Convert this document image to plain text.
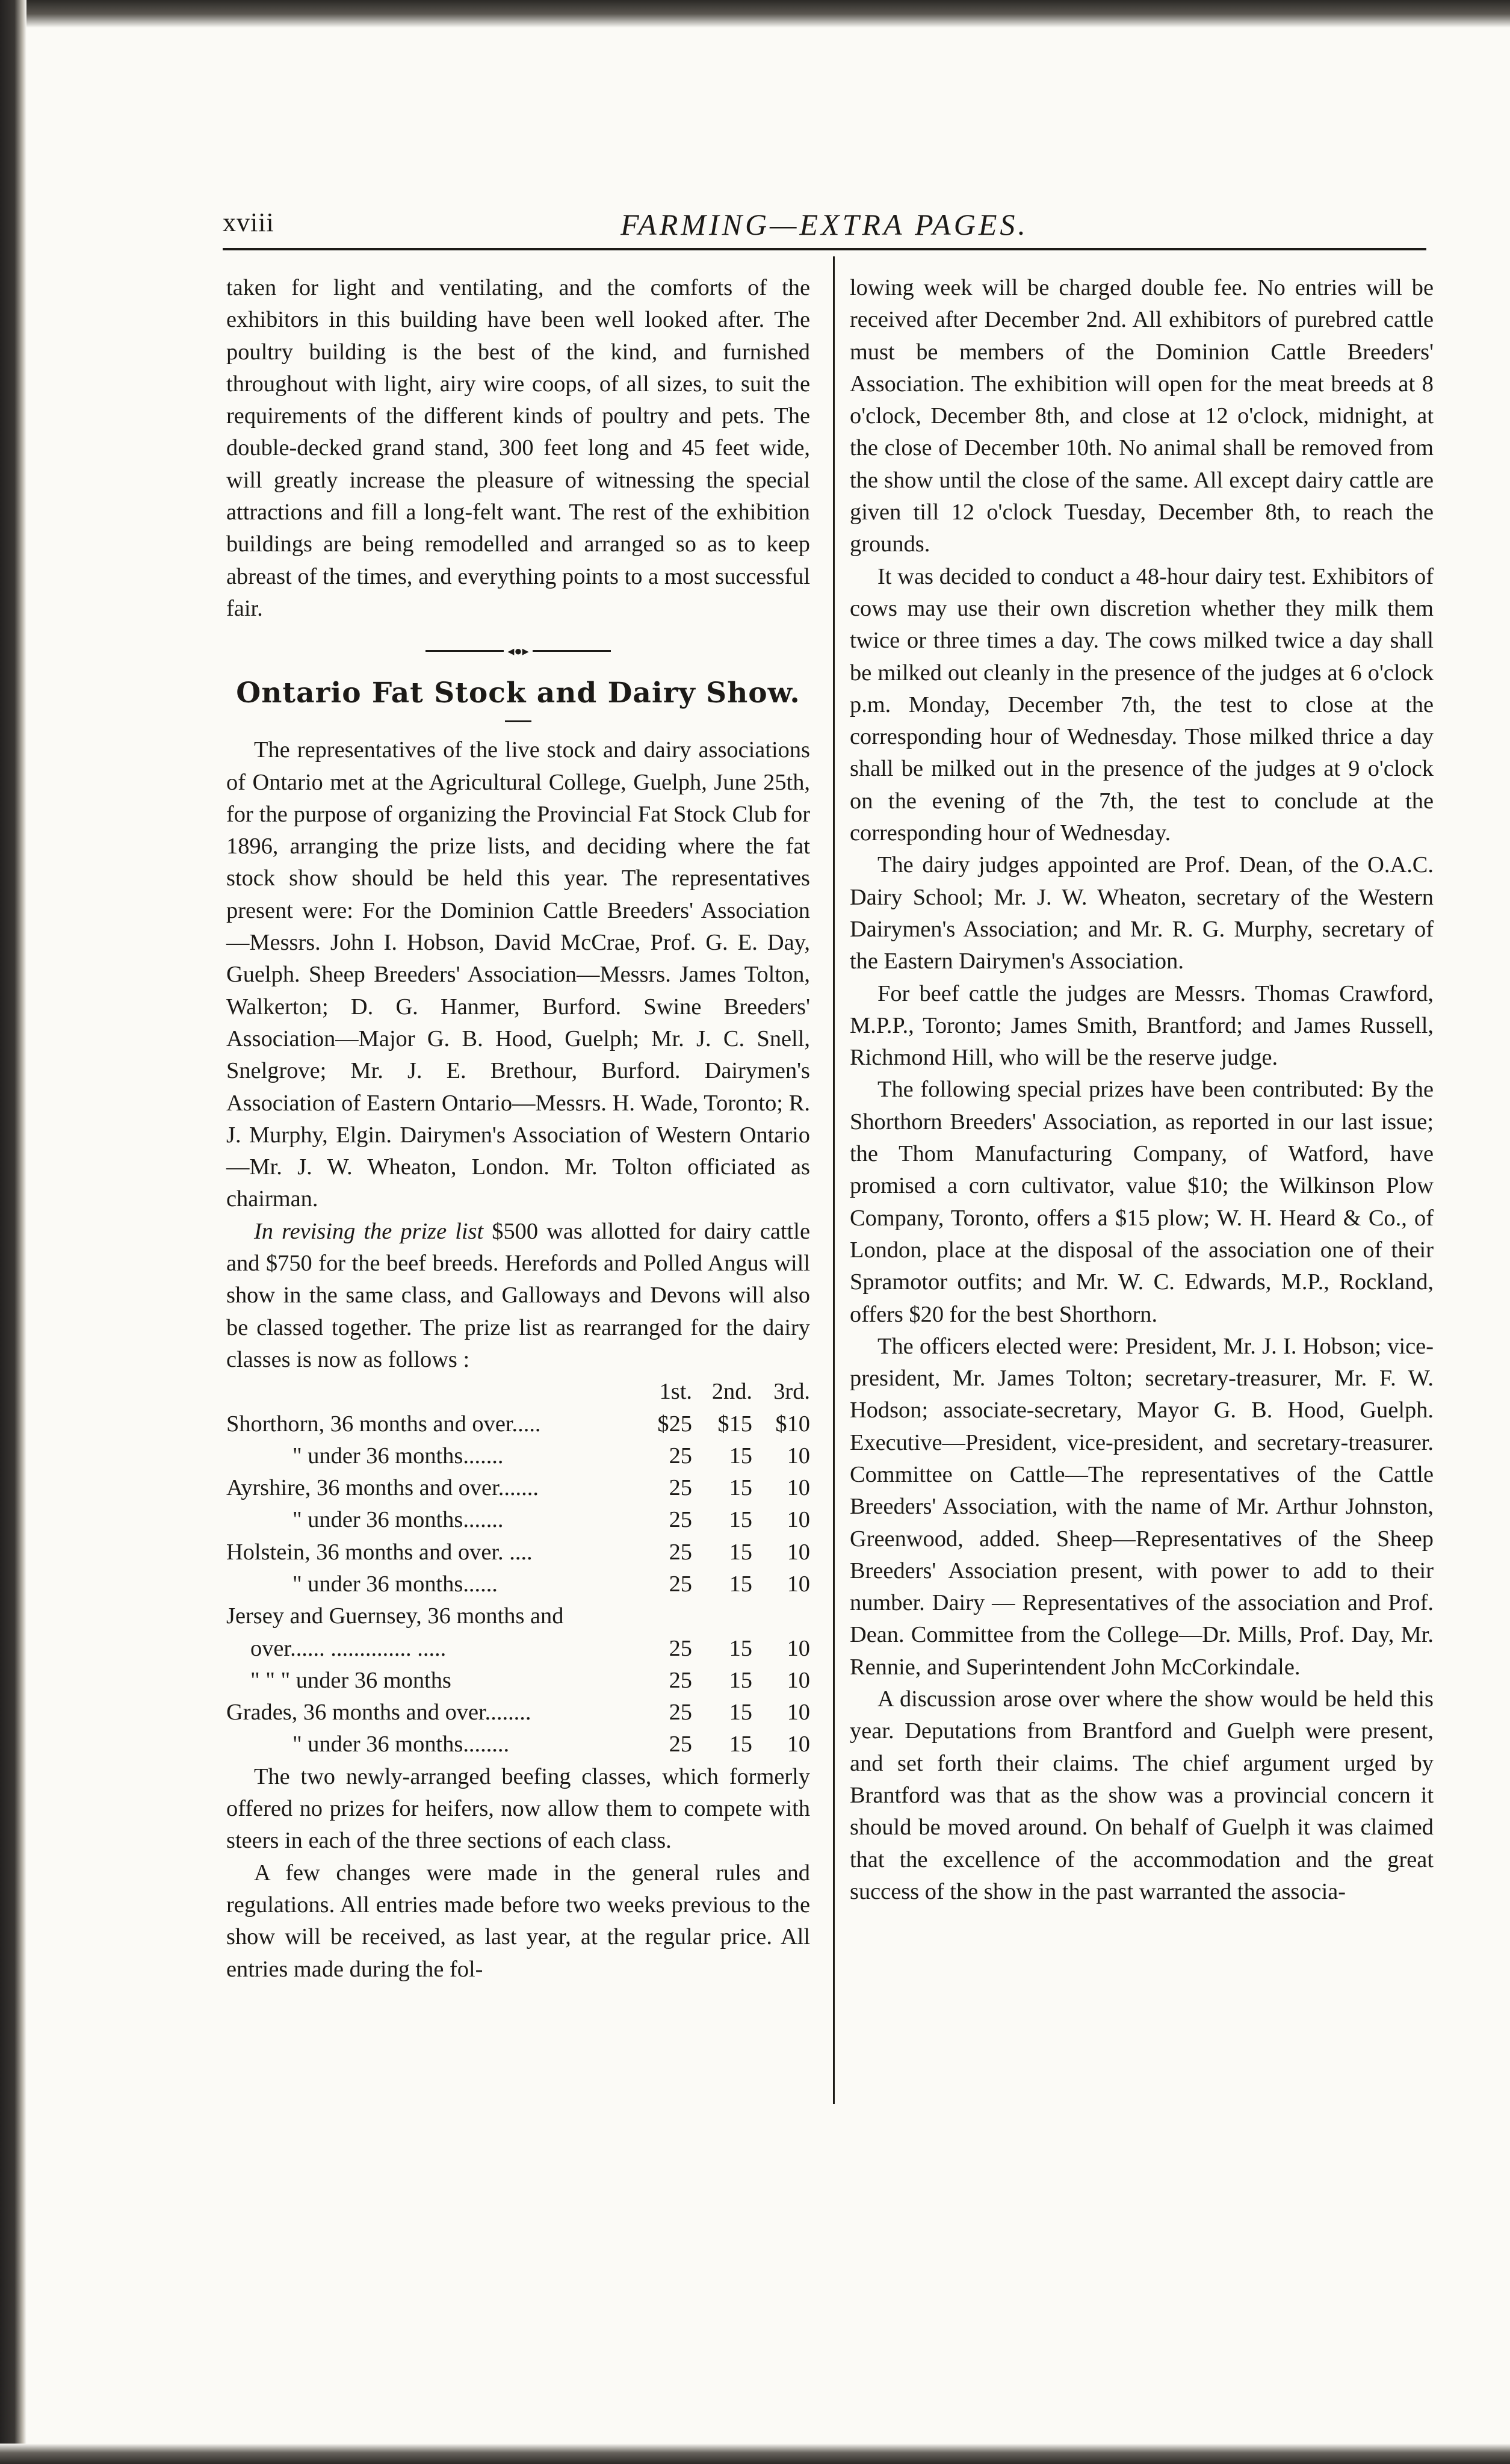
xviii	FARMING—EXTRA PAGES.

taken for light and ventilating, and the comforts of the exhibitors in this building have been well looked after. The poultry building is the best of the kind, and furnished throughout with light, airy wire coops, of all sizes, to suit the requirements of the different kinds of poultry and pets. The double-decked grand stand, 300 feet long and 45 feet wide, will greatly increase the pleasure of witnessing the special attractions and fill a long-felt want. The rest of the exhibition buildings are being remodelled and arranged so as to keep abreast of the times, and everything points to a most successful fair.

◂●▸
Ontario Fat Stock and Dairy Show.

The representatives of the live stock and dairy associations of Ontario met at the Agricultural College, Guelph, June 25th, for the purpose of organizing the Provincial Fat Stock Club for 1896, arranging the prize lists, and deciding where the fat stock show should be held this year. The representatives present were: For the Dominion Cattle Breeders' Association—Messrs. John I. Hobson, David McCrae, Prof. G. E. Day, Guelph. Sheep Breeders' Association—Messrs. James Tolton, Walkerton; D. G. Hanmer, Burford. Swine Breeders' Association—Major G. B. Hood, Guelph; Mr. J. C. Snell, Snelgrove; Mr. J. E. Brethour, Burford. Dairymen's Association of Eastern Ontario—Messrs. H. Wade, Toronto; R. J. Murphy, Elgin. Dairymen's Association of Western Ontario—Mr. J. W. Wheaton, London. Mr. Tolton officiated as chairman.

In revising the prize list $500 was allotted for dairy cattle and $750 for the beef breeds. Herefords and Polled Angus will show in the same class, and Galloways and Devons will also be classed together. The prize list as rearranged for the dairy classes is now as follows :

	1st.	2nd.	3rd.
Shorthorn, 36 months and over.....	$25	$15	$10
" under 36 months.......	25	15	10
Ayrshire, 36 months and over.......	25	15	10
" under 36 months.......	25	15	10
Holstein, 36 months and over. ....	25	15	10
" under 36 months......	25	15	10
Jersey and Guernsey, 36 months and			
over...... .............. .....	25	15	10
" " " under 36 months	25	15	10
Grades, 36 months and over........	25	15	10
" under 36 months........	25	15	10

The two newly-arranged beefing classes, which formerly offered no prizes for heifers, now allow them to compete with steers in each of the three sections of each class.

A few changes were made in the general rules and regulations. All entries made before two weeks previous to the show will be received, as last year, at the regular price. All entries made during the fol-

lowing week will be charged double fee. No entries will be received after December 2nd. All exhibitors of purebred cattle must be members of the Dominion Cattle Breeders' Association. The exhibition will open for the meat breeds at 8 o'clock, December 8th, and close at 12 o'clock, midnight, at the close of December 10th. No animal shall be removed from the show until the close of the same. All except dairy cattle are given till 12 o'clock Tuesday, December 8th, to reach the grounds.

It was decided to conduct a 48-hour dairy test. Exhibitors of cows may use their own discretion whether they milk them twice or three times a day. The cows milked twice a day shall be milked out cleanly in the presence of the judges at 6 o'clock p.m. Monday, December 7th, the test to close at the corresponding hour of Wednesday. Those milked thrice a day shall be milked out in the presence of the judges at 9 o'clock on the evening of the 7th, the test to conclude at the corresponding hour of Wednesday.

The dairy judges appointed are Prof. Dean, of the O.A.C. Dairy School; Mr. J. W. Wheaton, secretary of the Western Dairymen's Association; and Mr. R. G. Murphy, secretary of the Eastern Dairymen's Association.

For beef cattle the judges are Messrs. Thomas Crawford, M.P.P., Toronto; James Smith, Brantford; and James Russell, Richmond Hill, who will be the reserve judge.

The following special prizes have been contributed: By the Shorthorn Breeders' Association, as reported in our last issue; the Thom Manufacturing Company, of Watford, have promised a corn cultivator, value $10; the Wilkinson Plow Company, Toronto, offers a $15 plow; W. H. Heard & Co., of London, place at the disposal of the association one of their Spramotor outfits; and Mr. W. C. Edwards, M.P., Rockland, offers $20 for the best Shorthorn.

The officers elected were: President, Mr. J. I. Hobson; vice-president, Mr. James Tolton; secretary-treasurer, Mr. F. W. Hodson; associate-secretary, Mayor G. B. Hood, Guelph. Executive—President, vice-president, and secretary-treasurer. Committee on Cattle—The representatives of the Cattle Breeders' Association, with the name of Mr. Arthur Johnston, Greenwood, added. Sheep—Representatives of the Sheep Breeders' Association present, with power to add to their number. Dairy — Representatives of the association and Prof. Dean. Committee from the College—Dr. Mills, Prof. Day, Mr. Rennie, and Superintendent John McCorkindale.

A discussion arose over where the show would be held this year. Deputations from Brantford and Guelph were present, and set forth their claims. The chief argument urged by Brantford was that as the show was a provincial concern it should be moved around. On behalf of Guelph it was claimed that the excellence of the accommodation and the great success of the show in the past warranted the associa-
